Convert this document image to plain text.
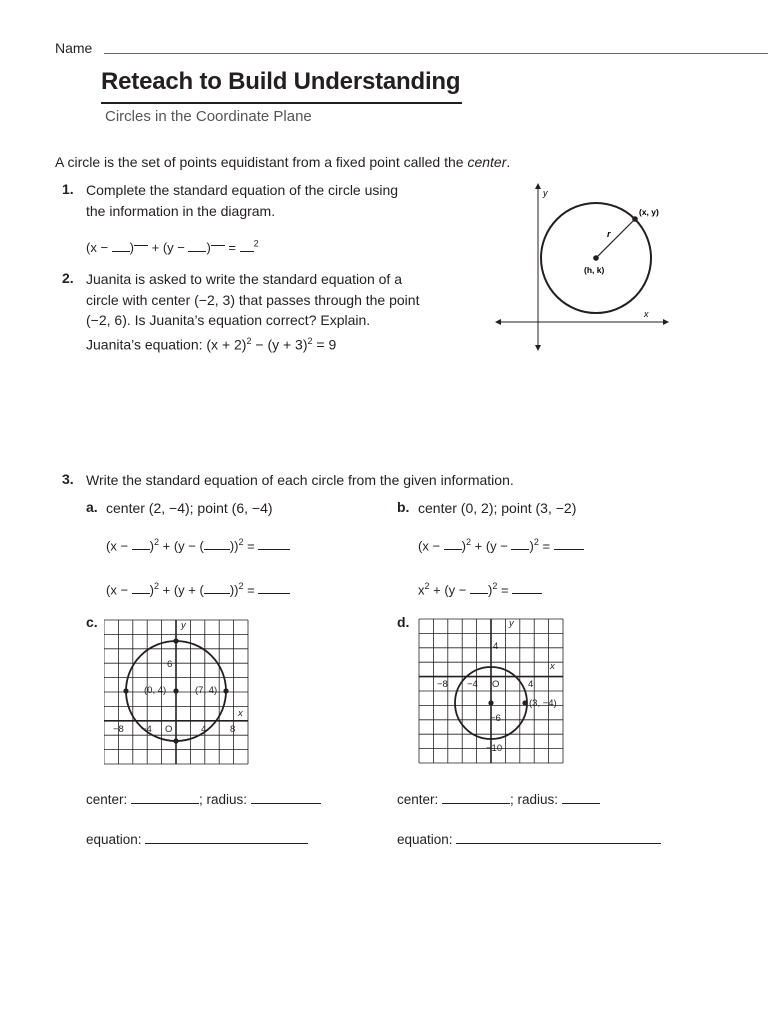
Name
Reteach to Build Understanding
Circles in the Coordinate Plane
A circle is the set of points equidistant from a fixed point called the center.
1. Complete the standard equation of the circle using
the information in the diagram.
(x − ) + (y − ) = $^2$
y
x
(x, y)
(h, k)
r
2. Juanita is asked to write the standard equation of a
circle with center (−2, 3) that passes through the point
(−2, 6). Is Juanita’s equation correct? Explain.
Juanita’s equation: $(x + 2)^2 - (y + 3)^2 = 9$
3. Write the standard equation of each circle from the given information.
a. center (2, −4); point (6, −4)
$(x - )^2 + (y$ − ( ))$^2$ =
$(x - )^2 + (y$ + ( ))$^2$ =
b. center (0, 2); point (3, −2)
$(x - )^2 + (y - )^2$ =
$x^2 + (y - )^2$ =
c.	y
x
6
(0, 4)	(7, 4)
−8 −4 O	4 8
d.	y
4
x
−8 −4 O	4
(3, −4)
−6
−10
center:	; radius:
equation:
center:	; radius:
equation:
